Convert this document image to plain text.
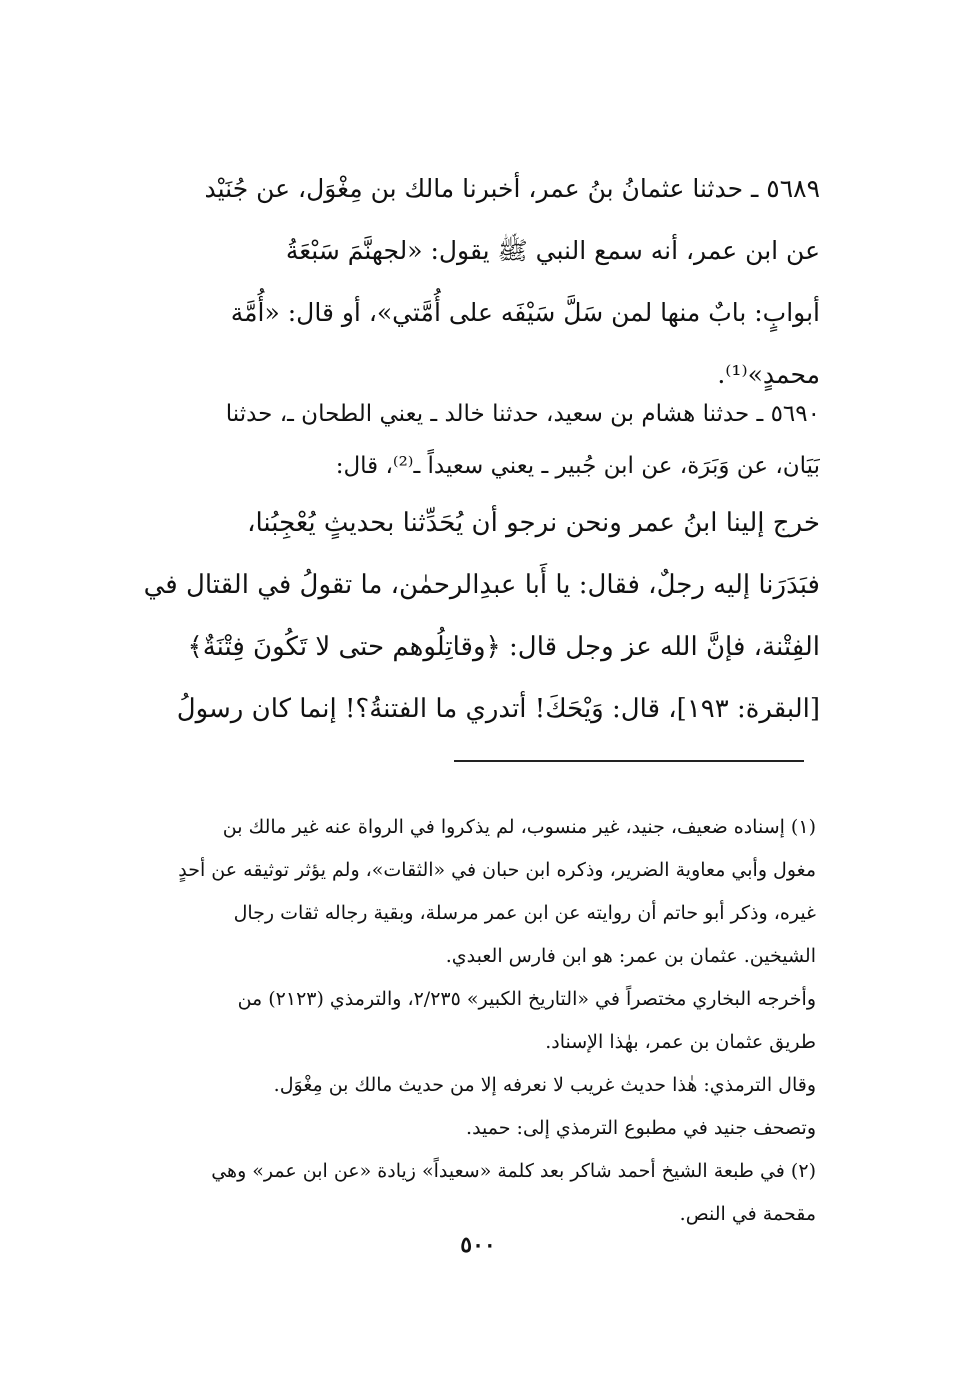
٥٦٨٩ ـ حدثنا عثمانُ بنُ عمر، أخبرنا مالك بن مِغْوَل، عن جُنَيْد
عن ابن عمر، أنه سمع النبي ﷺ يقول: «لجهنَّمَ سَبْعَةُ
أبوابٍ: بابٌ منها لمن سَلَّ سَيْفَه على أُمَّتي»، أو قال: «أُمَّة
محمدٍ»⁽¹⁾.
٥٦٩٠ ـ حدثنا هشام بن سعيد، حدثنا خالد ـ يعني الطحان ـ، حدثنا
بَيَان، عن وَبَرَة، عن ابن جُبير ـ يعني سعيداً ـ⁽²⁾، قال:
خرج إلينا ابنُ عمر ونحن نرجو أن يُحَدِّثنا بحديثٍ يُعْجِبُنا،
فبَدَرَنا إليه رجلٌ، فقال: يا أَبا عبدِالرحمٰن، ما تقولُ في القتال في
الفِتْنة، فإنَّ الله عز وجل قال: ﴿وقاتِلُوهم حتى لا تَكُونَ فِتْنَةٌ﴾
[البقرة: ١٩٣]، قال: وَيْحَكَ! أتدري ما الفتنةُ؟! إنما كان رسولُ
(١) إسناده ضعيف، جنيد، غير منسوب، لم يذكروا في الرواة عنه غير مالك بن
مغول وأبي معاوية الضرير، وذكره ابن حبان في «الثقات»، ولم يؤثر توثيقه عن أحدٍ
غيره، وذكر أبو حاتم أن روايته عن ابن عمر مرسلة، وبقية رجاله ثقات رجال
الشيخين. عثمان بن عمر: هو ابن فارس العبدي.
وأخرجه البخاري مختصراً في «التاريخ الكبير» ٢/٢٣٥، والترمذي (٢١٢٣) من
طريق عثمان بن عمر، بهٰذا الإسناد.
وقال الترمذي: هٰذا حديث غريب لا نعرفه إلا من حديث مالك بن مِغْوَل.
وتصحف جنيد في مطبوع الترمذي إلى: حميد.
(٢) في طبعة الشيخ أحمد شاكر بعد كلمة «سعيداً» زيادة «عن ابن عمر» وهي
مقحمة في النص.
٥٠٠
